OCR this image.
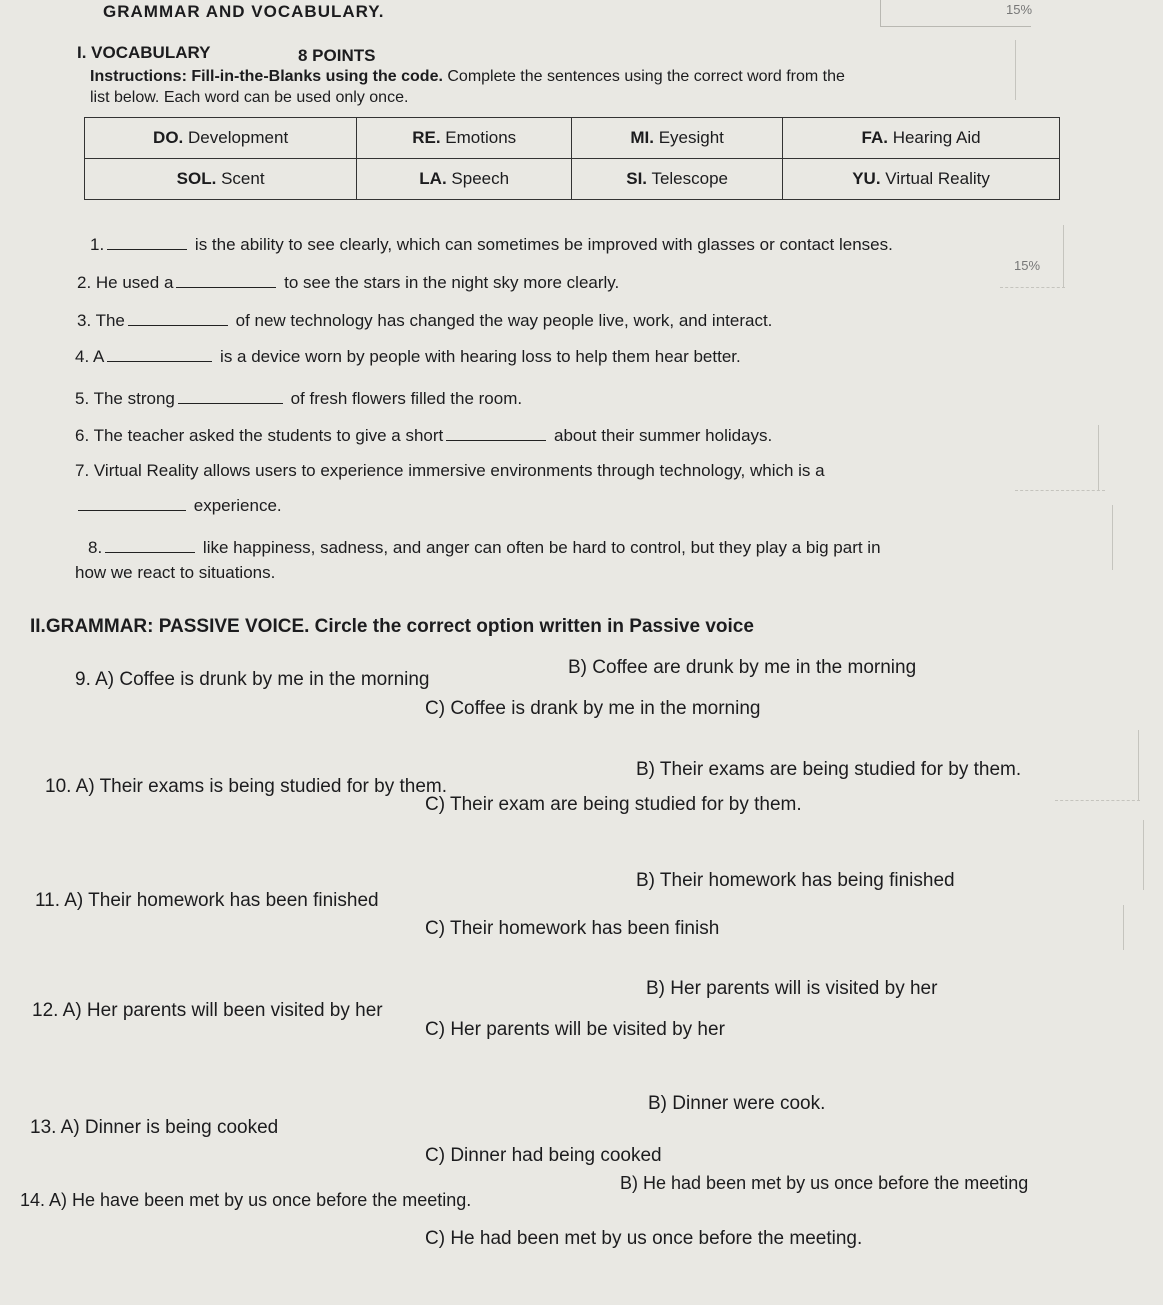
GRAMMAR AND VOCABULARY.	15%
I. VOCABULARY	8 POINTS
Instructions: Fill-in-the-Blanks using the code. Complete the sentences using the correct word from the
list below. Each word can be used only once.
DO. Development	RE. Emotions	MI. Eyesight	FA. Hearing Aid
SOL. Scent	LA. Speech	SI. Telescope	YU. Virtual Reality
1.	is the ability to see clearly, which can sometimes be improved with glasses or contact lenses.
15%
2. He used a	to see the stars in the night sky more clearly.
3. The	of new technology has changed the way people live, work, and interact.
4. A	is a device worn by people with hearing loss to help them hear better.
5. The strong	of fresh flowers filled the room.
6. The teacher asked the students to give a short	about their summer holidays.
7. Virtual Reality allows users to experience immersive environments through technology, which is a
experience.
8.	like happiness, sadness, and anger can often be hard to control, but they play a big part in
how we react to situations.
II.GRAMMAR: PASSIVE VOICE. Circle the correct option written in Passive voice
9. A) Coffee is drunk by me in the morning
B) Coffee are drunk by me in the morning
C) Coffee is drank by me in the morning
10. A) Their exams is being studied for by them.
B) Their exams are being studied for by them.
C) Their exam are being studied for by them.
11. A) Their homework has been finished
B) Their homework has being finished
C) Their homework has been finish
12. A) Her parents will been visited by her
B) Her parents will is visited by her
C) Her parents will be visited by her
13. A) Dinner is being cooked
B) Dinner were cook.
C) Dinner had being cooked
14. A) He have been met by us once before the meeting.
B) He had been met by us once before the meeting
C) He had been met by us once before the meeting.
